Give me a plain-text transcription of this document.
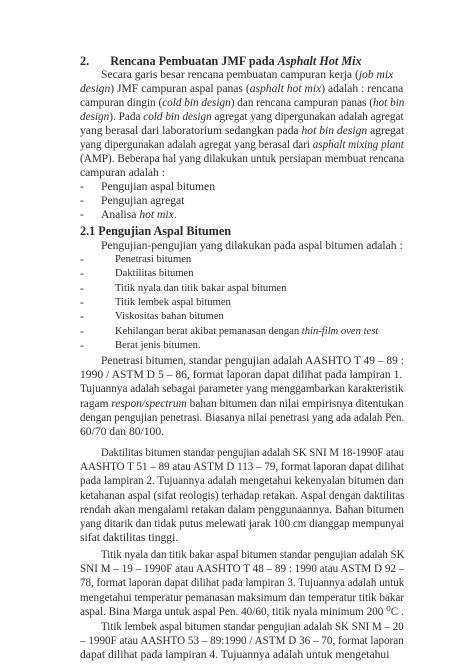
2. Rencana Pembuatan JMF pada Asphalt Hot Mix
Secara garis besar rencana pembuatan campuran kerja (job mix
design) JMF campuran aspal panas (asphalt hot mix) adalah : rencana
campuran dingin (cold bin design) dan rencana campuran panas (hot bin
design). Pada cold bin design agregat yang dipergunakan adalah agregat
yang berasal dari laboratorium sedangkan pada hot bin design agregat
yang dipergunakan adalah agregat yang berasal dari asphalt mixing plant
(AMP). Beberapa hal yang dilakukan untuk persiapan membuat rencana
campuran adalah :
- Pengujian aspal bitumen
- Pengujian agregat
- Analisa hot mix.
2.1 Pengujian Aspal Bitumen
Pengujian-pengujian yang dilakukan pada aspal bitumen adalah :
-	Penetrasi bitumen
-	Daktilitas bitumen
-	Titik nyala dan titik bakar aspal bitumen
-	Titik lembek aspal bitumen
-	Viskositas bahan bitumen
-	Kehilangan berat akibat pemanasan dengan thin-film oven test
-	Berat jenis bitumen.
Penetrasi bitumen, standar pengujian adalah AASHTO T 49 – 89 :
1990 / ASTM D 5 – 86, format laporan dapat dilihat pada lampiran 1.
Tujuannya adalah sebagai parameter yang menggambarkan karakteristik
ragam respon/spectrum bahan bitumen dan nilai empirisnya ditentukan
dengan pengujian penetrasi. Biasanya nilai penetrasi yang ada adalah Pen.
60/70 dan 80/100.
Daktilitas bitumen standar pengujian adalah SK SNI M 18-1990F atau
AASHTO T 51 – 89 atau ASTM D 113 – 79, format laporan dapat dilihat
pada lampiran 2. Tujuannya adalah mengetahui kekenyalan bitumen dan
ketahanan aspal (sifat reologis) terhadap retakan. Aspal dengan daktilitas
rendah akan mengalami retakan dalam penggunaannya. Bahan bitumen
yang ditarik dan tidak putus melewati jarak 100 cm dianggap mempunyai
sifat daktilitas tinggi.
Titik nyala dan titik bakar aspal bitumen standar pengujian adalah SK
SNI M – 19 – 1990F atau AASHTO T 48 – 89 : 1990 atau ASTM D 92 –
78, format laporan dapat dilihat pada lampiran 3. Tujuannya adalah untuk
mengetahui temperatur pemanasan maksimum dan temperatur titik bakar
aspal. Bina Marga untuk aspal Pen. 40/60, titik nyala minimum 200 ⁰C .
Titik lembek aspal bitumen standar pengujian adalah SK SNI M – 20
– 1990F atau AASHTO 53 – 89:1990 / ASTM D 36 – 70, format laporan
dapat dilihat pada lampiran 4. Tujuannya adalah untuk mengetahui
